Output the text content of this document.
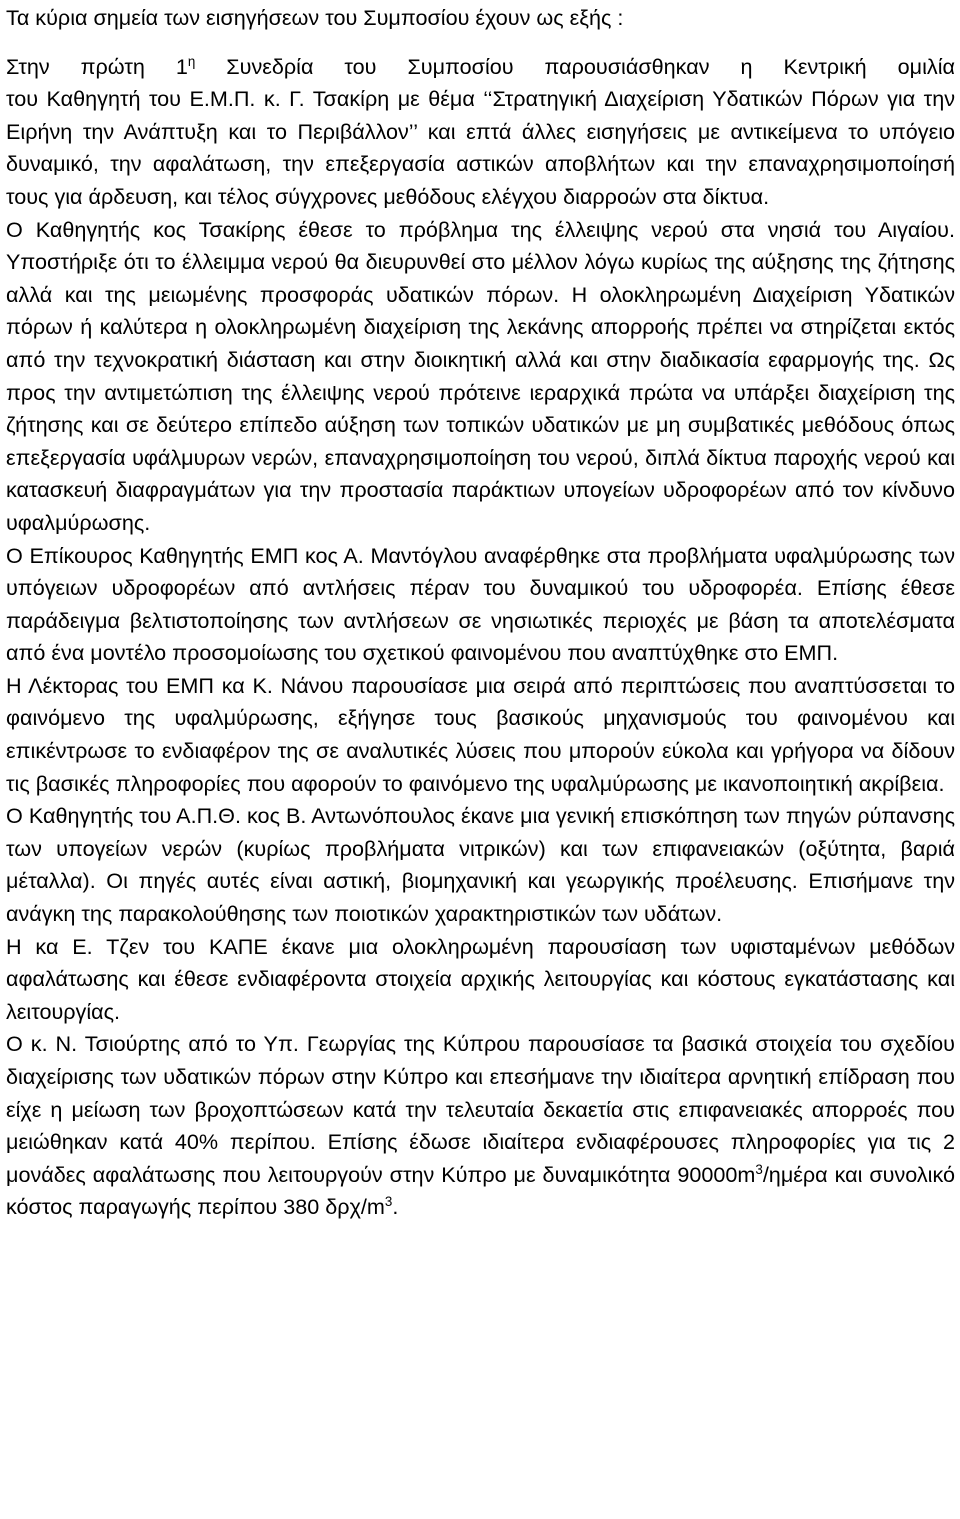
Τα κύρια σημεία των εισηγήσεων του Συμποσίου έχουν ως εξής :

Στην πρώτη $1^\eta$ Συνεδρία του Συμποσίου παρουσιάσθηκαν η Κεντρική ομιλία

του Καθηγητή του Ε.Μ.Π. κ. Γ. Τσακίρη με θέμα ‘‘Στρατηγική Διαχείριση Υδατικών Πόρων για την Ειρήνη την Ανάπτυξη και το Περιβάλλον’’ και επτά άλλες εισηγήσεις με αντικείμενα το υπόγειο δυναμικό, την αφαλάτωση, την επεξεργασία αστικών αποβλήτων και την επαναχρησιμοποίησή τους για άρδευση, και τέλος σύγχρονες μεθόδους ελέγχου διαρροών στα δίκτυα.

Ο Καθηγητής κος Τσακίρης έθεσε το πρόβλημα της έλλειψης νερού στα νησιά του Αιγαίου. Υποστήριξε ότι το έλλειμμα νερού θα διευρυνθεί στο μέλλον λόγω κυρίως της αύξησης της ζήτησης αλλά και της μειωμένης προσφοράς υδατικών πόρων. Η ολοκληρωμένη Διαχείριση Υδατικών πόρων ή καλύτερα η ολοκληρωμένη διαχείριση της λεκάνης απορροής πρέπει να στηρίζεται εκτός από την τεχνοκρατική διάσταση και στην διοικητική αλλά και στην διαδικασία εφαρμογής της. Ως προς την αντιμετώπιση της έλλειψης νερού πρότεινε ιεραρχικά πρώτα να υπάρξει διαχείριση της ζήτησης και σε δεύτερο επίπεδο αύξηση των τοπικών υδατικών με μη συμβατικές μεθόδους όπως επεξεργασία υφάλμυρων νερών, επαναχρησιμοποίηση του νερού, διπλά δίκτυα παροχής νερού και κατασκευή διαφραγμάτων για την προστασία παράκτιων υπογείων υδροφορέων από τον κίνδυνο υφαλμύρωσης.

Ο Επίκουρος Καθηγητής ΕΜΠ κος Α. Μαντόγλου αναφέρθηκε στα προβλήματα υφαλμύρωσης των υπόγειων υδροφορέων από αντλήσεις πέραν του δυναμικού του υδροφορέα. Επίσης έθεσε παράδειγμα βελτιστοποίησης των αντλήσεων σε νησιωτικές περιοχές με βάση τα αποτελέσματα από ένα μοντέλο προσομοίωσης του σχετικού φαινομένου που αναπτύχθηκε στο ΕΜΠ.

Η Λέκτορας του ΕΜΠ κα Κ. Νάνου παρουσίασε μια σειρά από περιπτώσεις που αναπτύσσεται το φαινόμενο της υφαλμύρωσης, εξήγησε τους βασικούς μηχανισμούς του φαινομένου και επικέντρωσε το ενδιαφέρον της σε αναλυτικές λύσεις που μπορούν εύκολα και γρήγορα να δίδουν τις βασικές πληροφορίες που αφορούν το φαινόμενο της υφαλμύρωσης με ικανοποιητική ακρίβεια.

Ο Καθηγητής του Α.Π.Θ. κος Β. Αντωνόπουλος έκανε μια γενική επισκόπηση των πηγών ρύπανσης των υπογείων νερών (κυρίως προβλήματα νιτρικών) και των επιφανειακών (οξύτητα, βαριά μέταλλα). Οι πηγές αυτές είναι αστική, βιομηχανική και γεωργικής προέλευσης. Επισήμανε την ανάγκη της παρακολούθησης των ποιοτικών χαρακτηριστικών των υδάτων.

Η κα Ε. Τζεν του ΚΑΠΕ έκανε μια ολοκληρωμένη παρουσίαση των υφισταμένων μεθόδων αφαλάτωσης και έθεσε ενδιαφέροντα στοιχεία αρχικής λειτουργίας και κόστους εγκατάστασης και λειτουργίας.

Ο κ. Ν. Τσιούρτης από το Υπ. Γεωργίας της Κύπρου παρουσίασε τα βασικά στοιχεία του σχεδίου διαχείρισης των υδατικών πόρων στην Κύπρο και επεσήμανε την ιδιαίτερα αρνητική επίδραση που είχε η μείωση των βροχοπτώσεων κατά την τελευταία δεκαετία στις επιφανειακές απορροές που μειώθηκαν κατά 40% περίπου. Επίσης έδωσε ιδιαίτερα ενδιαφέρουσες πληροφορίες για τις 2 μονάδες αφαλάτωσης που λειτουργούν στην Κύπρο με δυναμικότητα $90000m^3$/ημέρα και συνολικό κόστος παραγωγής περίπου 380 δρχ/$m^3$.
